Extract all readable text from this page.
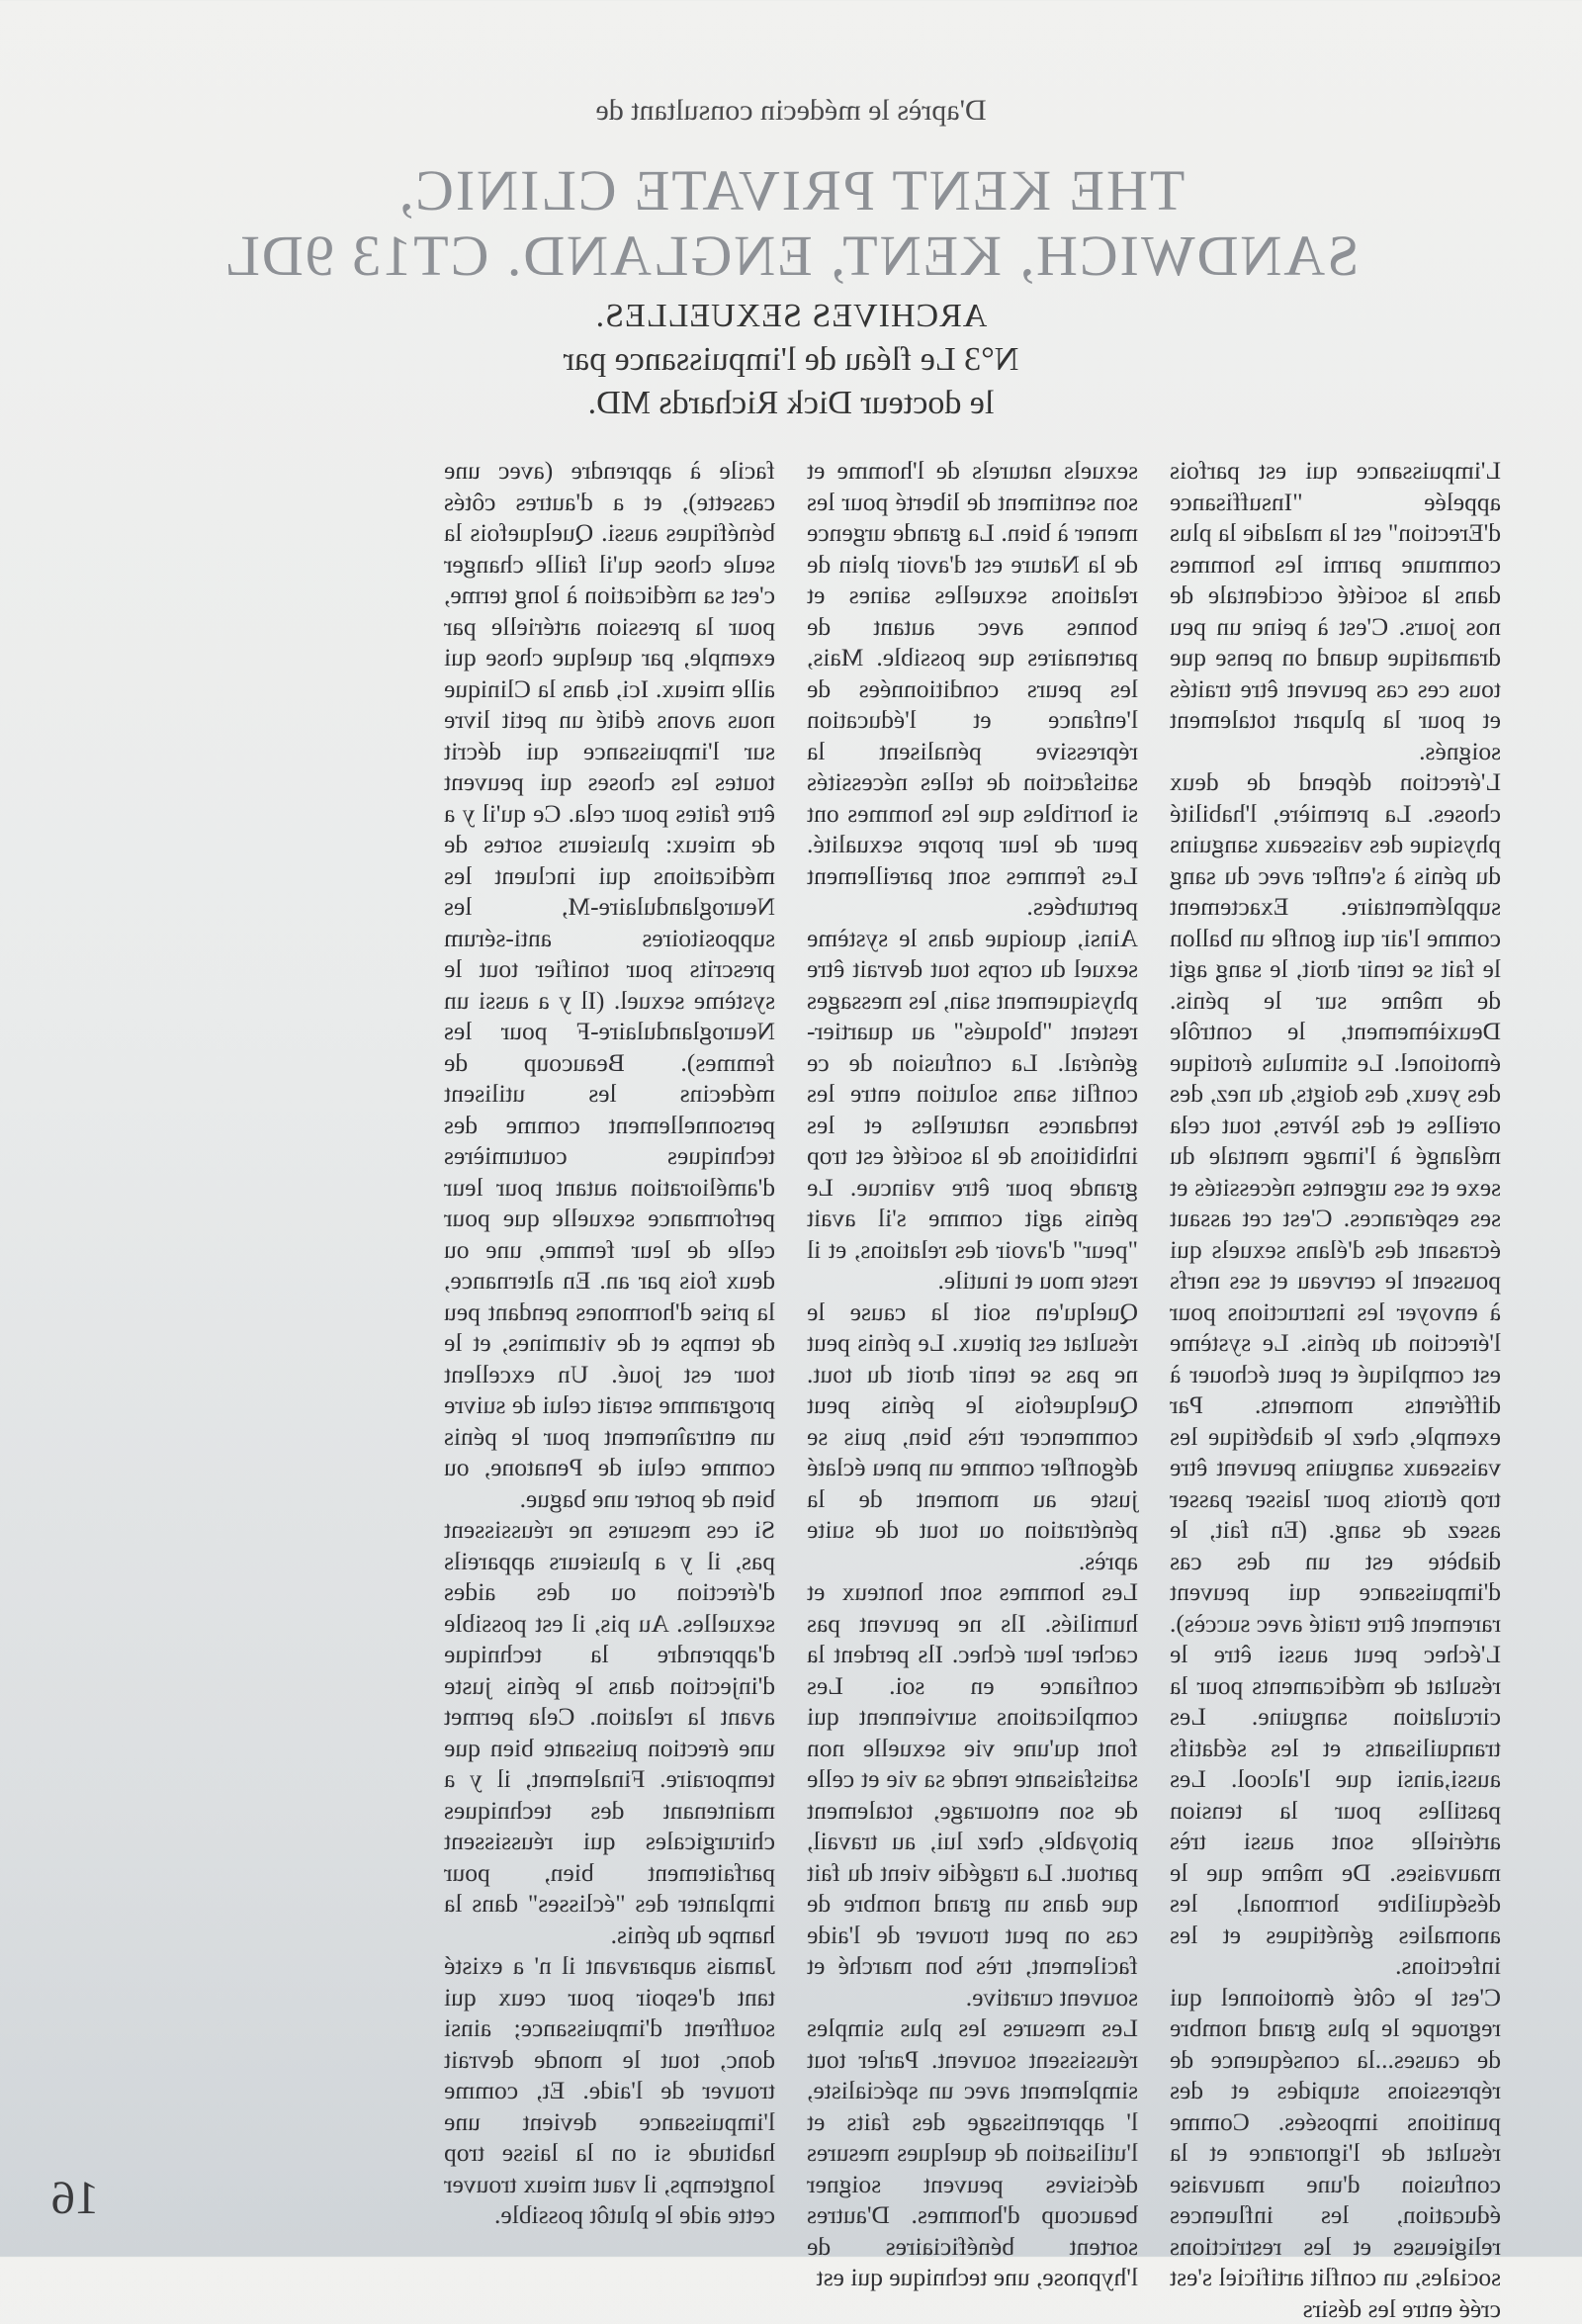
D'après le médecin consultant de
THE KENT PRIVATE CLINIC,
SANDWICH, KENT, ENGLAND. CT13 9DL
ARCHIVES SEXUELLES.
N°3 Le fléau de l'impuissance par
le docteur Dick Richards MD.

L'impuissance qui est parfois appelée "Insuffisance d'Erection" est la maladie la plus commune parmi les hommes dans la société occidentale de nos jours. C'est à peine un peu dramatique quand on pense que tous ces cas peuvent être traités et pour la plupart totalement soignés.

L'érection dépend de deux choses. La première, l'habilité physique des vaisseaux sanguins du pénis à s'enfler avec du sang supplémentaire. Exactement comme l'air qui gonfle un ballon le fait se tenir droit, le sang agit de même sur le pénis. Deuxièmement, le contrôle émotionel. Le stimulus érotique des yeux, des doigts, du nez, des oreilles et des lèvres, tout cela mélangé à l'image mentale du sexe et ses urgentes nécessités et ses espérances. C'est cet assaut écrasant des d'élans sexuels qui poussent le cerveau et ses nerfs à envoyer les instructions pour l'érection du pénis. Le système est compliqué et peut échouer à différents moments. Par exemple, chez le diabétique les vaisseaux sanguins peuvent être trop étroits pour laisser passer assez de sang. (En fait, le diabète est un des cas d'impuissance qui peuvent rarement être traité avec succès). L'échec peut aussi être le résultat de médicaments pour la circulation sanguine. Les tranquilisants et les sédatifs aussi,ainsi que l'alcool. Les pastilles pour la tension artérielle sont aussi très mauvaises. De même que le déséquilibre hormonal, les anomalies génétiques et les infections.

C'est le côté émotionnel qui regroupe le plus grand nombre de causes...la conséquence de répressions stupides et des punitions imposées. Comme résultat de l'ignorance et la confusion d'une mauvaise éducation, les influences religieuses et les restrictions sociales, un conflit artificiel s'est créé entre les désirs

sexuels naturels de l'homme et son sentiment de liberté pour les mener à bien. La grande urgence de la Nature est d'avoir plein de relations sexuelles saines et bonnes avec autant de partenaires que possible. Mais, les peurs conditionnées de l'enfance et l'éducation répressive pénalisent la satisfaction de telles nécessités si horribles que les hommes ont peur de leur propre sexualité. Les femmes sont pareillement perturbées.

Ainsi, quoique dans le système sexuel du corps tout devrait être physiquement sain, les messages restent "bloqués" au quartier-général. La confusion de ce conflit sans solution entre les tendances naturelles et les inhibitions de la société est trop grande pour être vaincue. Le pénis agit comme s'il avait "peur" d'avoir des relations, et il reste mou et inutile.

Quelqu'en soit la cause le résultat est piteux. Le pénis peut ne pas se tenir droit du tout. Quelquefois le pénis peut commencer très bien, puis se dégonfler comme un pneu éclaté juste au moment de la pénétration ou tout de suite après.

Les hommes sont honteux et humiliés. Ils ne peuvent pas cacher leur échec. Ils perdent la confiance en soi. Les complications surviennent qui font qu'une vie sexuelle non satisfaisante rende sa vie et celle de son entourage, totalement pitoyable, chez lui, au travail, partout. La tragédie vient du fait que dans un grand nombre de cas on peut trouver de l'aide facilement, très bon marché et souvent curative.

Les mesures les plus simples réussissent souvent. Parler tout simplement avec un spécialiste, l' apprentissage des faits et l'utilisation de quelques mesures décisives peuvent soigner beaucoup d'hommes. D'autres sortent bénéficiaires de l'hypnose, une technique qui est

facile à apprendre (avec une cassette), et a d'autres côtés bénéfiques aussi. Quelquefois la seule chose qu'il faille changer c'est sa médication à long terme, pour la pression artérielle par exemple, par quelque chose qui aille mieux. Ici, dans la Clinique nous avons édité un petit livre sur l'impuissance qui décrit toutes les choses qui peuvent être faites pour cela. Ce qu'il y a de mieux: plusieurs sortes de médications qui incluent les Neuroglandulaire-M, les suppositoires anti-sérum prescrits pour tonifier tout le système sexuel. (Il y a aussi un Neuroglandulaire-F pour les femmes). Beaucoup de médecins les utilisent personnellement comme des techniques coutumières d'amélioration autant pour leur performance sexuelle que pour celle de leur femme, une ou deux fois par an. En alternance, la prise d'hormones pendant peu de temps et de vitamines, et le tour est joué. Un excellent programme serait celui de suivre un entraînement pour le pénis comme celui de Penatone, ou bien de porter une bague.

Si ces mesures ne réussissent pas, il y a plusieurs appareils d'érection ou des aides sexuelles. Au pis, il est possible d'apprendre la technique d'injection dans le pénis juste avant la relation. Cela permet une érection puissante bien que temporaire. Finalement, il y a maintenant des techniques chirurgicales qui réussissent parfaitement bien, pour implanter des "éclisses" dans la hampe du pénis.

Jamais auparavant il n' a existé tant d'espoir pour ceux qui souffrent d'impuissance; ainsi donc, tout le monde devrait trouver de l'aide. Et, comme l'impuissance devient une habitude si on la laisse trop longtemps, il vaut mieux trouver cette aide le plutôt possible.

16
